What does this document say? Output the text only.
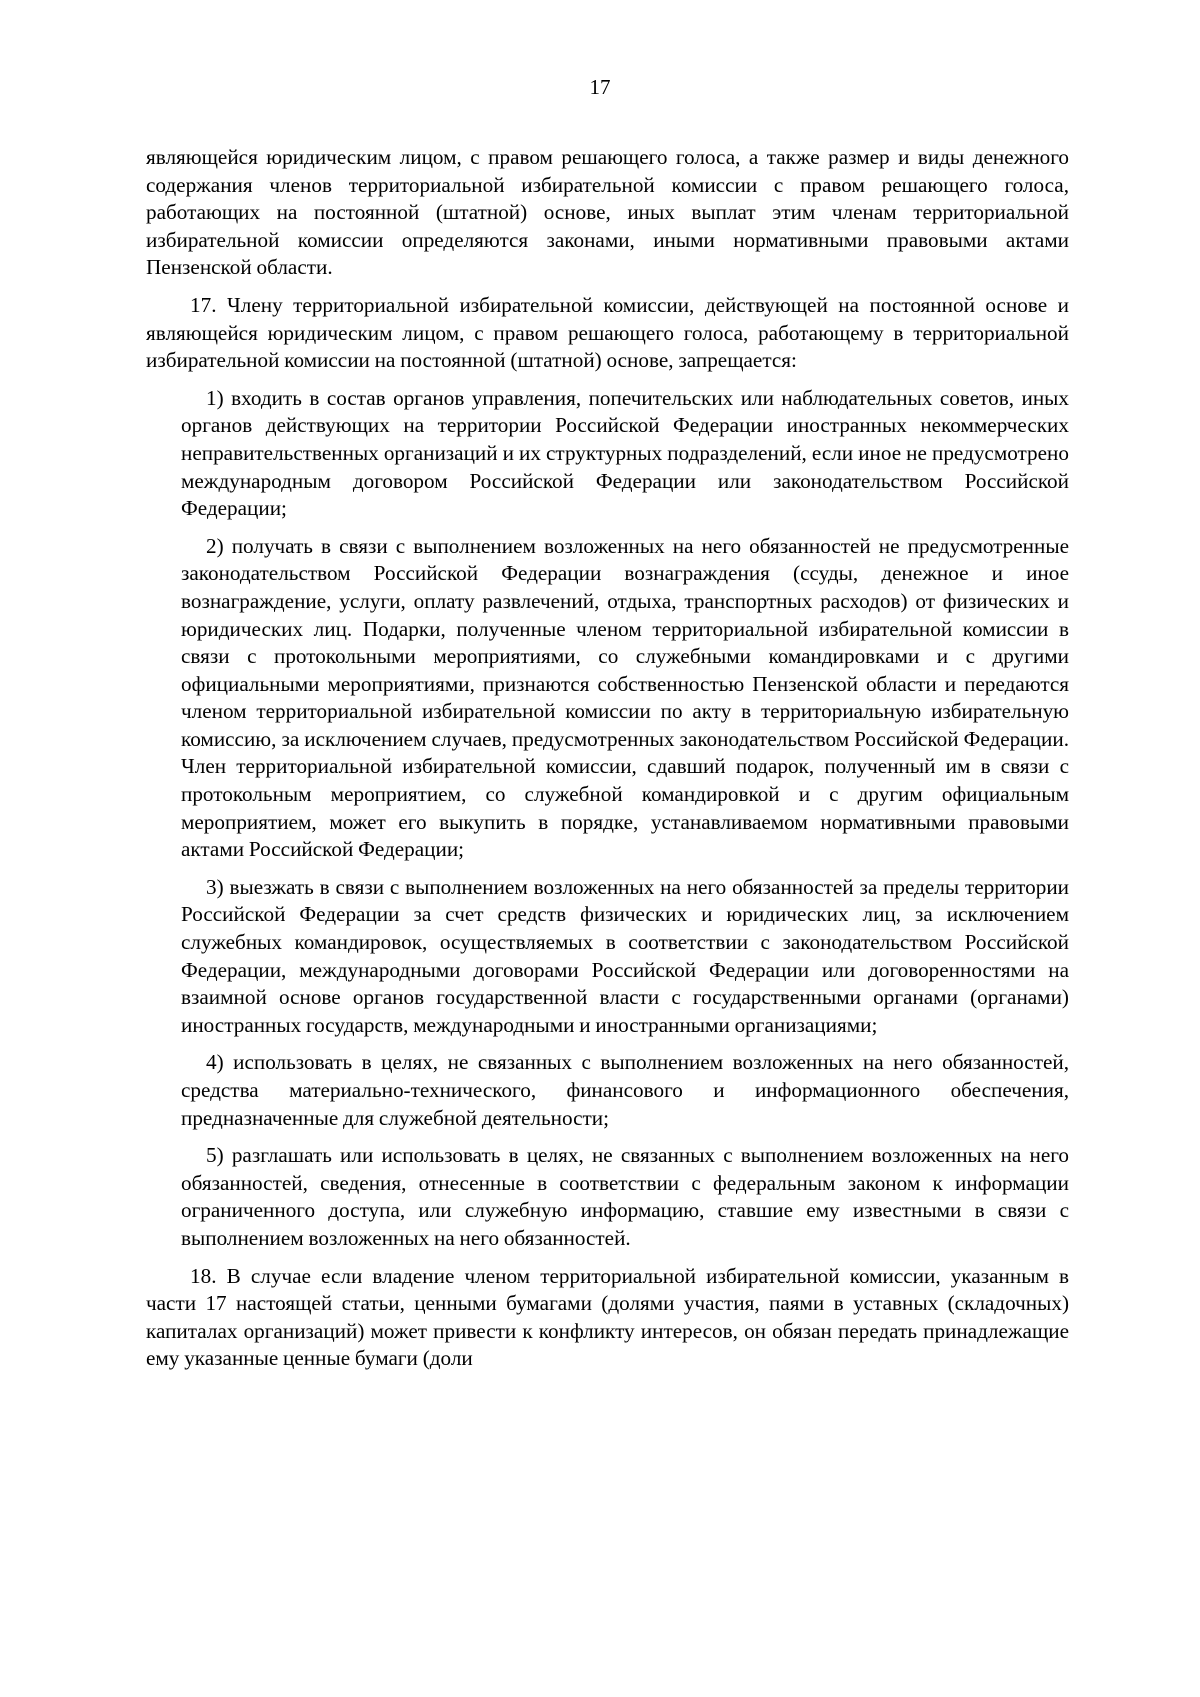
17

являющейся юридическим лицом, с правом решающего голоса, а также размер и виды денежного содержания членов территориальной избирательной комиссии с правом решающего голоса, работающих на постоянной (штатной) основе, иных выплат этим членам территориальной избирательной комиссии определяются законами, иными нормативными правовыми актами Пензенской области.

17. Члену территориальной избирательной комиссии, действующей на постоянной основе и являющейся юридическим лицом, с правом решающего голоса, работающему в территориальной избирательной комиссии на постоянной (штатной) основе, запрещается:

1) входить в состав органов управления, попечительских или наблюдательных советов, иных органов действующих на территории Российской Федерации иностранных некоммерческих неправительственных организаций и их структурных подразделений, если иное не предусмотрено международным договором Российской Федерации или законодательством Российской Федерации;

2) получать в связи с выполнением возложенных на него обязанностей не предусмотренные законодательством Российской Федерации вознаграждения (ссуды, денежное и иное вознаграждение, услуги, оплату развлечений, отдыха, транспортных расходов) от физических и юридических лиц. Подарки, полученные членом территориальной избирательной комиссии в связи с протокольными мероприятиями, со служебными командировками и с другими официальными мероприятиями, признаются собственностью Пензенской области и передаются членом территориальной избирательной комиссии по акту в территориальную избирательную комиссию, за исключением случаев, предусмотренных законодательством Российской Федерации. Член территориальной избирательной комиссии, сдавший подарок, полученный им в связи с протокольным мероприятием, со служебной командировкой и с другим официальным мероприятием, может его выкупить в порядке, устанавливаемом нормативными правовыми актами Российской Федерации;

3) выезжать в связи с выполнением возложенных на него обязанностей за пределы территории Российской Федерации за счет средств физических и юридических лиц, за исключением служебных командировок, осуществляемых в соответствии с законодательством Российской Федерации, международными договорами Российской Федерации или договоренностями на взаимной основе органов государственной власти с государственными органами (органами) иностранных государств, международными и иностранными организациями;

4) использовать в целях, не связанных с выполнением возложенных на него обязанностей, средства материально-технического, финансового и информационного обеспечения, предназначенные для служебной деятельности;

5) разглашать или использовать в целях, не связанных с выполнением возложенных на него обязанностей, сведения, отнесенные в соответствии с федеральным законом к информации ограниченного доступа, или служебную информацию, ставшие ему известными в связи с выполнением возложенных на него обязанностей.

18. В случае если владение членом территориальной избирательной комиссии, указанным в части 17 настоящей статьи, ценными бумагами (долями участия, паями в уставных (складочных) капиталах организаций) может привести к конфликту интересов, он обязан передать принадлежащие ему указанные ценные бумаги (доли
